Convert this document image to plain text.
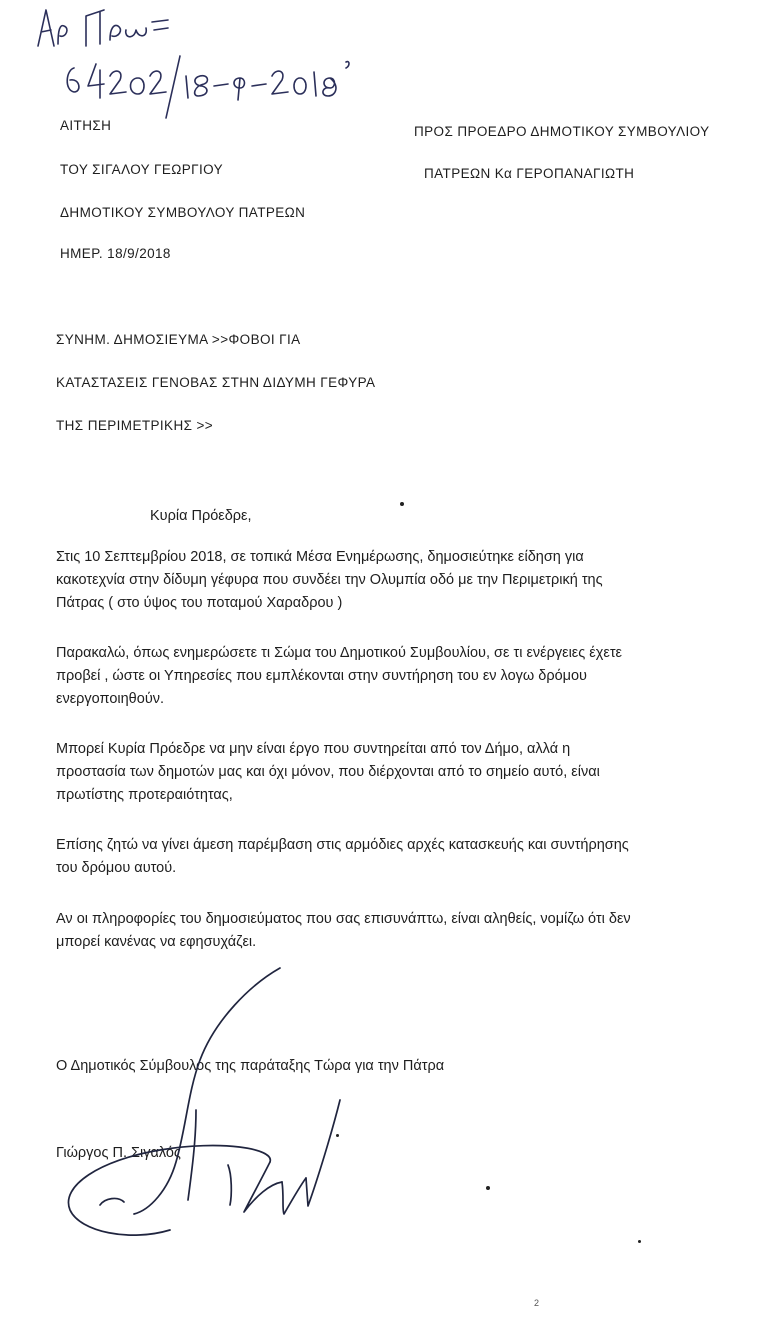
ΑΙΤΗΣΗ
ΤΟΥ ΣΙΓΑΛΟΥ ΓΕΩΡΓΙΟΥ
ΔΗΜΟΤΙΚΟΥ ΣΥΜΒΟΥΛΟΥ ΠΑΤΡΕΩΝ
ΗΜΕΡ. 18/9/2018
ΠΡΟΣ ΠΡΟΕΔΡΟ ΔΗΜΟΤΙΚΟΥ ΣΥΜΒΟΥΛΙΟΥ
ΠΑΤΡΕΩΝ Κα ΓΕΡΟΠΑΝΑΓΙΩΤΗ
ΣΥΝΗΜ. ΔΗΜΟΣΙΕΥΜΑ >>ΦΟΒΟΙ ΓΙΑ
ΚΑΤΑΣΤΑΣΕΙΣ ΓΕΝΟΒΑΣ ΣΤΗΝ ΔΙΔΥΜΗ ΓΕΦΥΡΑ
ΤΗΣ ΠΕΡΙΜΕΤΡΙΚΗΣ >>
Κυρία Πρόεδρε,
Στις 10 Σεπτεμβρίου 2018, σε τοπικά Μέσα Ενημέρωσης, δημοσιεύτηκε είδηση για
κακοτεχνία στην δίδυμη γέφυρα που συνδέει την Ολυμπία οδό με την Περιμετρική της
Πάτρας ( στο ύψος του ποταμού Χαραδρου )
Παρακαλώ, όπως ενημερώσετε τι Σώμα του Δημοτικού Συμβουλίου, σε τι ενέργειες έχετε
προβεί , ώστε οι Υπηρεσίες που εμπλέκονται στην συντήρηση του εν λογω δρόμου
ενεργοποιηθούν.
Μπορεί Κυρία Πρόεδρε να μην είναι έργο που συντηρείται από τον Δήμο, αλλά η
προστασία των δημοτών μας και όχι μόνον, που διέρχονται από το σημείο αυτό, είναι
πρωτίστης προτεραιότητας,
Επίσης ζητώ να γίνει άμεση παρέμβαση στις αρμόδιες αρχές κατασκευής και συντήρησης
του δρόμου αυτού.
Αν οι πληροφορίες του δημοσιεύματος που σας επισυνάπτω, είναι αληθείς, νομίζω ότι δεν
μπορεί κανένας να εφησυχάζει.
Ο Δημοτικός Σύμβουλος της παράταξης Τώρα για την Πάτρα
Γιώργος Π. Σιγαλός
2
